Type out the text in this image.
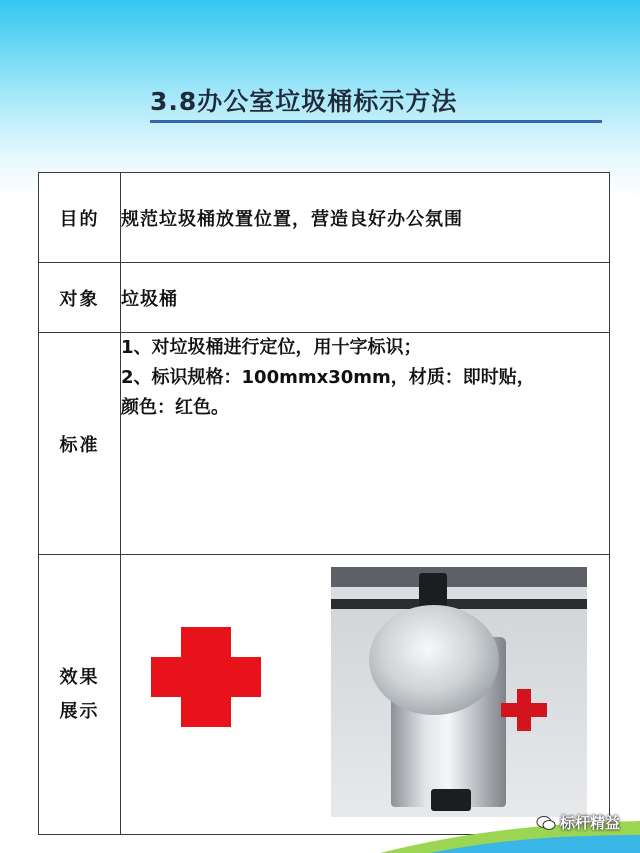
3.8办公室垃圾桶标示方法
目的	规范垃圾桶放置位置，营造良好办公氛围
对象	垃圾桶
标准	1、对垃圾桶进行定位，用十字标识；
2、标识规格：100mmx30mm，材质：即时贴，
颜色：红色。

效果
展示

标杆精益
